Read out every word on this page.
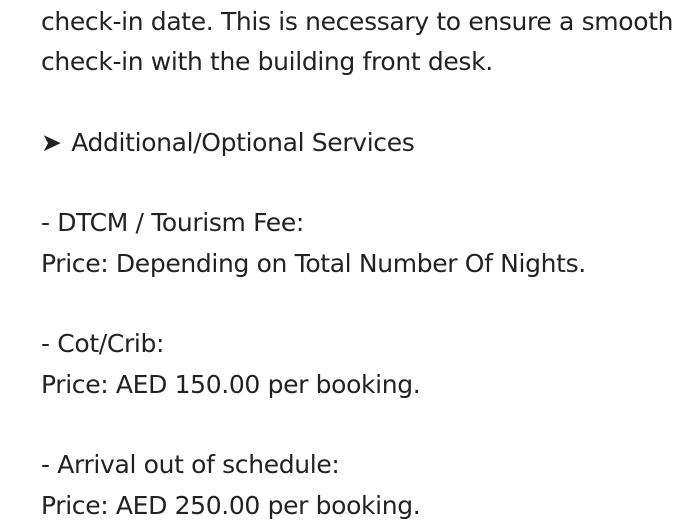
check-in date. This is necessary to ensure a smooth
check-in with the building front desk.
➤ Additional/Optional Services
- DTCM / Tourism Fee:
Price: Depending on Total Number Of Nights.
- Cot/Crib:
Price: AED 150.00 per booking.
- Arrival out of schedule:
Price: AED 250.00 per booking.
